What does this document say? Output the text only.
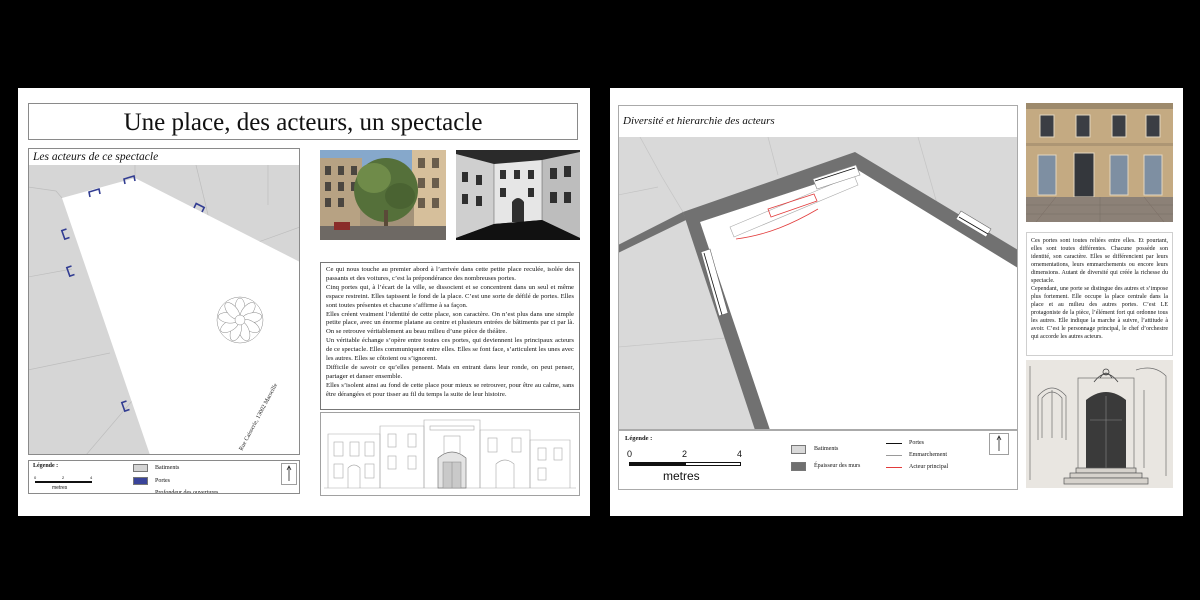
Une place, des acteurs, un spectacle
Les acteurs de ce spectacle
Rue Caisserie, 13002 Marseille
Légende :
0	2	4
metres
Batiments
Portes
Profondeur des ouvertures

Ce qui nous touche au premier abord à l’arrivée dans cette petite place reculée, isolée des passants et des voitures, c’est la prépondérance des nombreuses portes.

Cinq portes qui, à l’écart de la ville, se dissocient et se concentrent dans un seul et même espace restreint. Elles tapissent le fond de la place. C’est une sorte de défilé de portes. Elles sont toutes présentes et chacune s’affirme à sa façon.

Elles créent vraiment l’identité de cette place, son caractère. On n’est plus dans une simple petite place, avec un énorme platane au centre et plusieurs entrées de bâtiments par ci par là. On se retrouve véritablement au beau milieu d’une pièce de théâtre.

Un véritable échange s’opère entre toutes ces portes, qui deviennent les principaux acteurs de ce spectacle. Elles communiquent entre elles. Elles se font face, s’articulent les unes avec les autres. Elles se côtoient ou s’ignorent.

Difficile de savoir ce qu’elles pensent. Mais en entrant dans leur ronde, on peut penser, partager et danser ensemble.

Elles s’isolent ainsi au fond de cette place pour mieux se retrouver, pour être au calme, sans être dérangées et pour tisser au fil du temps la suite de leur histoire.

Diversité et hierarchie des acteurs
Légende :
0	2	4
metres
Batiments
Épaisseur des murs
Portes
Emmarchement
Acteur principal

Ces portes sont toutes reliées entre elles. Et pourtant, elles sont toutes différentes. Chacune possède son identité, son caractère. Elles se différencient par leurs ornementations, leurs emmarchements ou encore leurs dimensions. Autant de diversité qui créée la richesse du spectacle.

Cependant, une porte se distingue des autres et s’impose plus fortement. Elle occupe la place centrale dans la place et au milieu des autres portes. C’est LE protagoniste de la pièce, l’élément fort qui ordonne tous les autres. Elle indique la marche à suivre, l’attitude à avoir. C’est le personnage principal, le chef d’orchestre qui accorde les autres acteurs.
